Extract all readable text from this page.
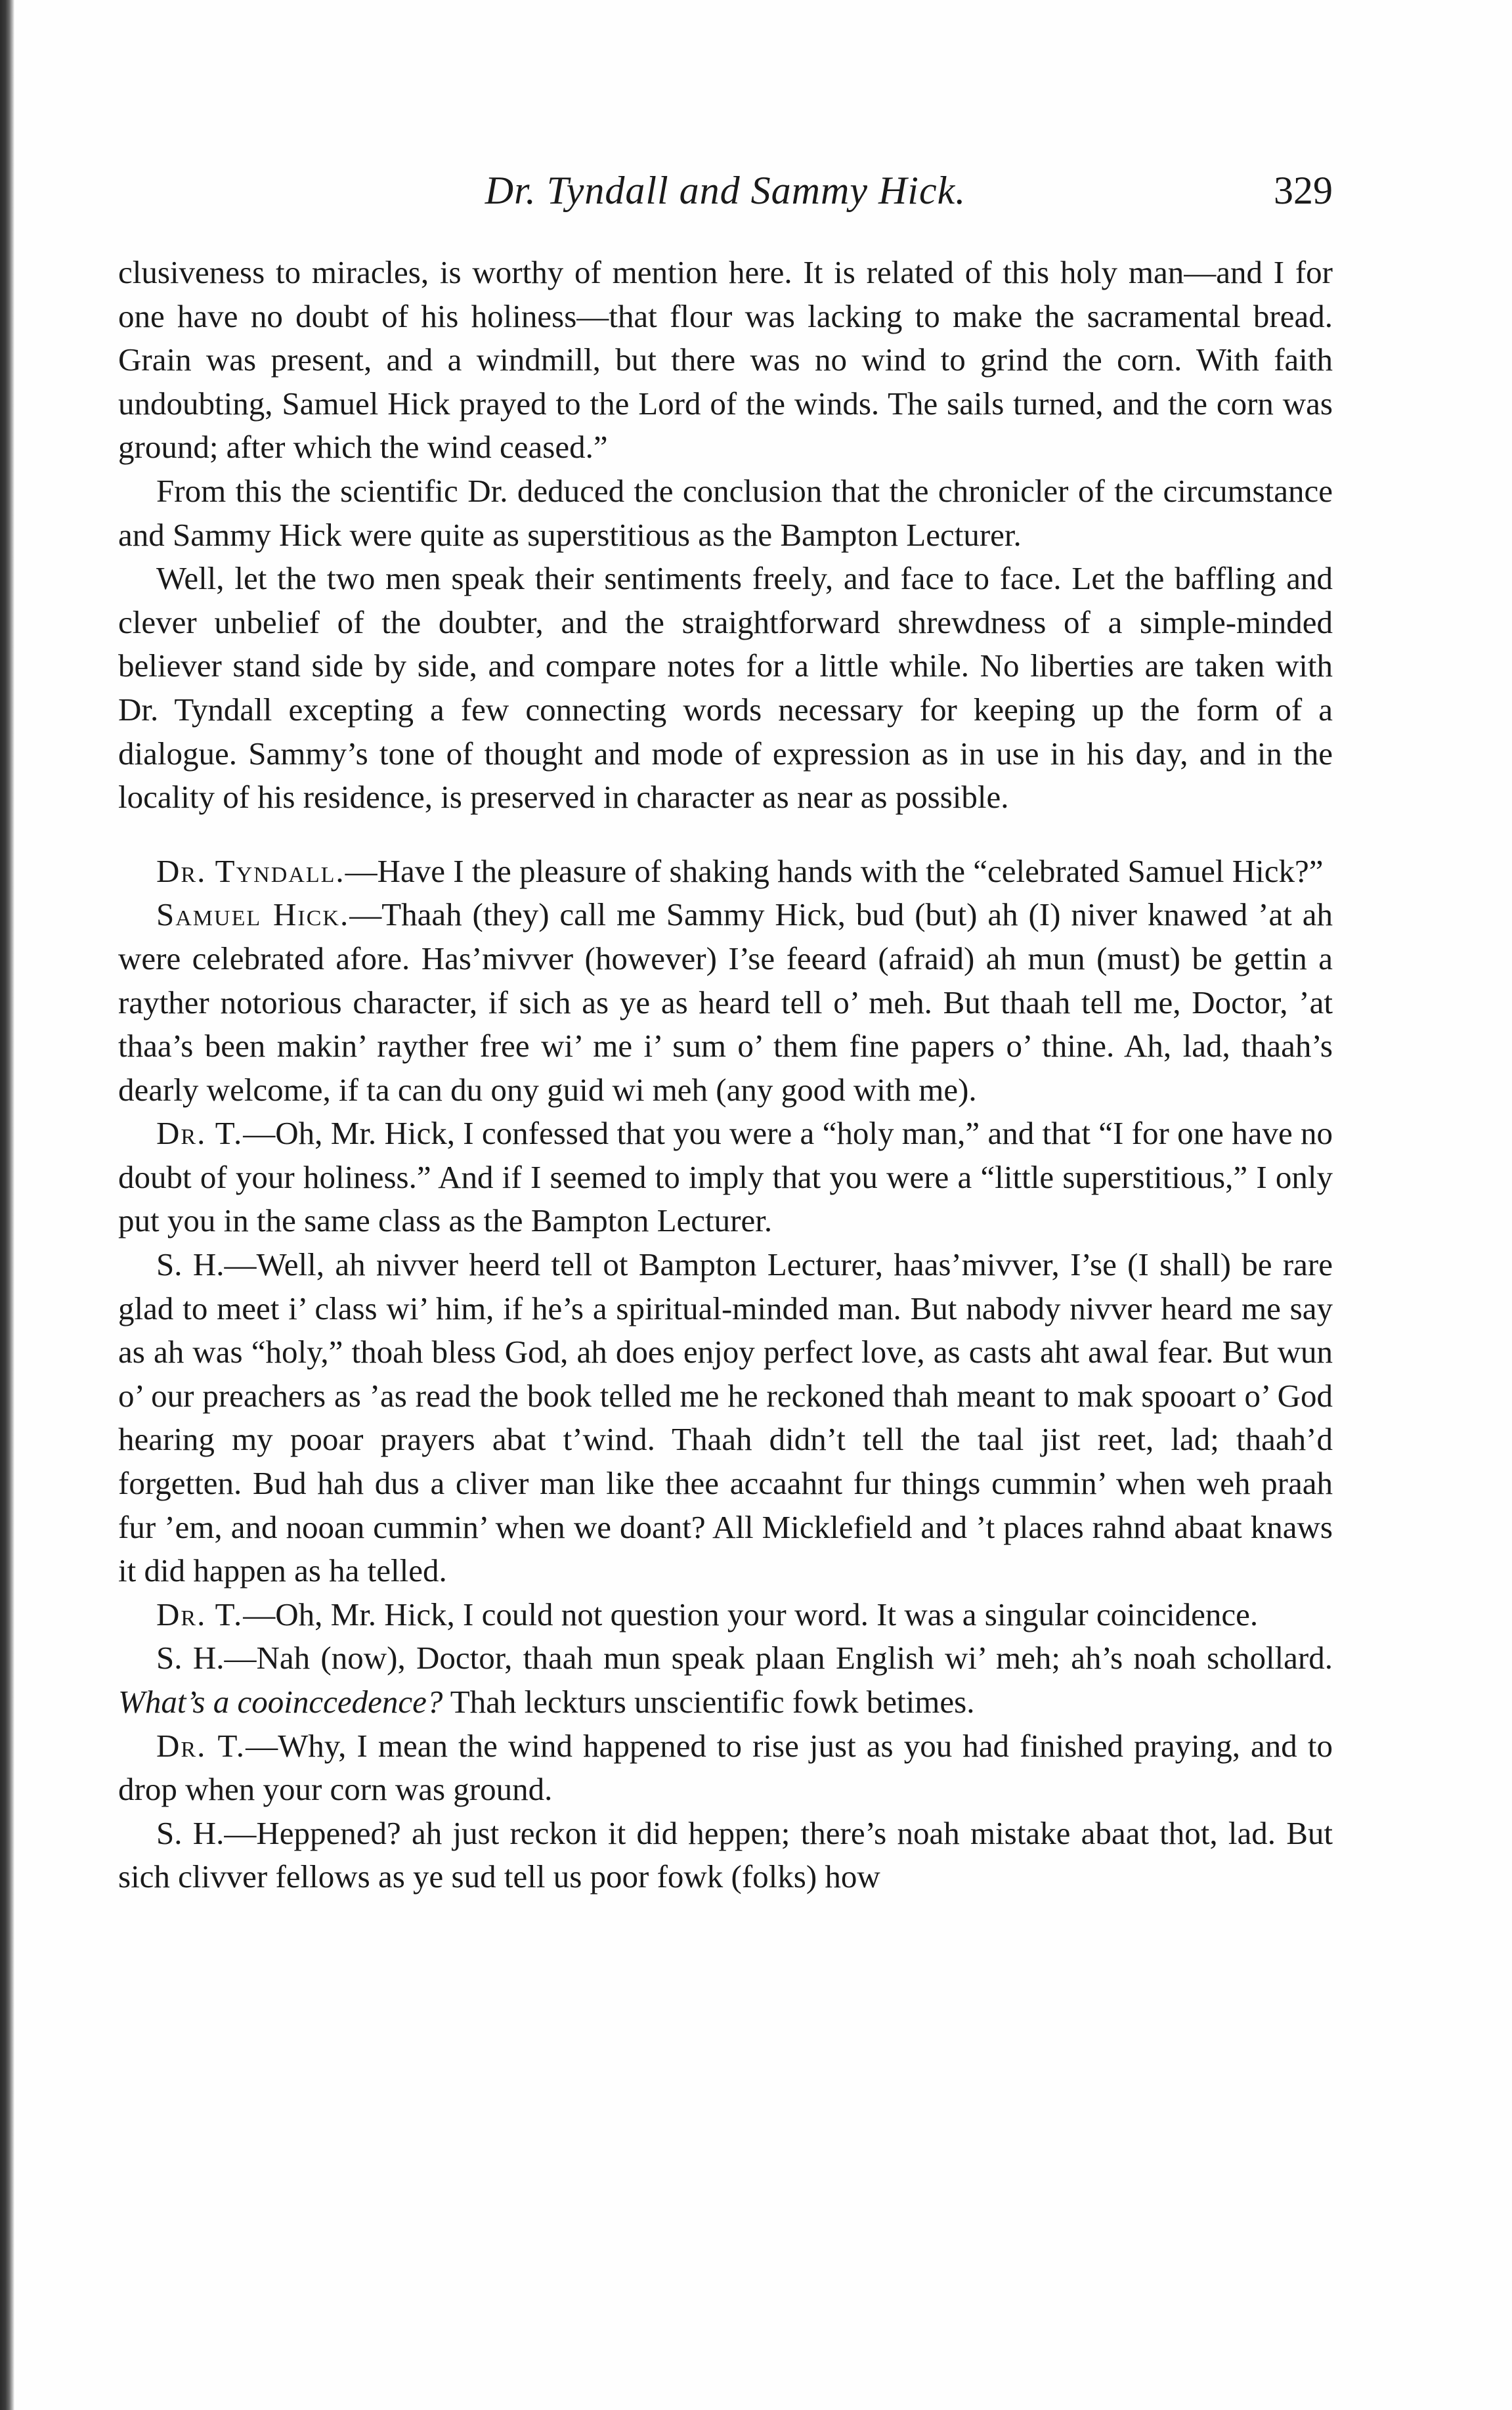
Dr. Tyndall and Sammy Hick.	329

clusiveness to miracles, is worthy of mention here. It is related of this holy man—and I for one have no doubt of his holiness—that flour was lacking to make the sacramental bread. Grain was present, and a windmill, but there was no wind to grind the corn. With faith undoubting, Samuel Hick prayed to the Lord of the winds. The sails turned, and the corn was ground; after which the wind ceased.”

From this the scientific Dr. deduced the conclusion that the chronicler of the circumstance and Sammy Hick were quite as superstitious as the Bampton Lecturer.

Well, let the two men speak their sentiments freely, and face to face. Let the baffling and clever unbelief of the doubter, and the straightforward shrewdness of a simple-minded believer stand side by side, and compare notes for a little while. No liberties are taken with Dr. Tyndall excepting a few connecting words necessary for keeping up the form of a dialogue. Sammy’s tone of thought and mode of expression as in use in his day, and in the locality of his residence, is preserved in character as near as possible.

Dr. Tyndall.—Have I the pleasure of shaking hands with the “celebrated Samuel Hick?”

Samuel Hick.—Thaah (they) call me Sammy Hick, bud (but) ah (I) niver knawed ’at ah were celebrated afore. Has’mivver (however) I’se feeard (afraid) ah mun (must) be gettin a rayther notorious character, if sich as ye as heard tell o’ meh. But thaah tell me, Doctor, ’at thaa’s been makin’ rayther free wi’ me i’ sum o’ them fine papers o’ thine. Ah, lad, thaah’s dearly welcome, if ta can du ony guid wi meh (any good with me).

Dr. T.—Oh, Mr. Hick, I confessed that you were a “holy man,” and that “I for one have no doubt of your holiness.” And if I seemed to imply that you were a “little superstitious,” I only put you in the same class as the Bampton Lecturer.

S. H.—Well, ah nivver heerd tell ot Bampton Lecturer, haas’mivver, I’se (I shall) be rare glad to meet i’ class wi’ him, if he’s a spiritual-minded man. But nabody nivver heard me say as ah was “holy,” thoah bless God, ah does enjoy perfect love, as casts aht awal fear. But wun o’ our preachers as ’as read the book telled me he reckoned thah meant to mak spooart o’ God hearing my pooar prayers abat t’wind. Thaah didn’t tell the taal jist reet, lad; thaah’d forgetten. Bud hah dus a cliver man like thee accaahnt fur things cummin’ when weh praah fur ’em, and nooan cummin’ when we doant? All Micklefield and ’t places rahnd abaat knaws it did happen as ha telled.

Dr. T.—Oh, Mr. Hick, I could not question your word. It was a singular coincidence.

S. H.—Nah (now), Doctor, thaah mun speak plaan English wi’ meh; ah’s noah schollard. What’s a cooinccedence? Thah leckturs unscientific fowk betimes.

Dr. T.—Why, I mean the wind happened to rise just as you had finished praying, and to drop when your corn was ground.

S. H.—Heppened? ah just reckon it did heppen; there’s noah mistake abaat thot, lad. But sich clivver fellows as ye sud tell us poor fowk (folks) how
